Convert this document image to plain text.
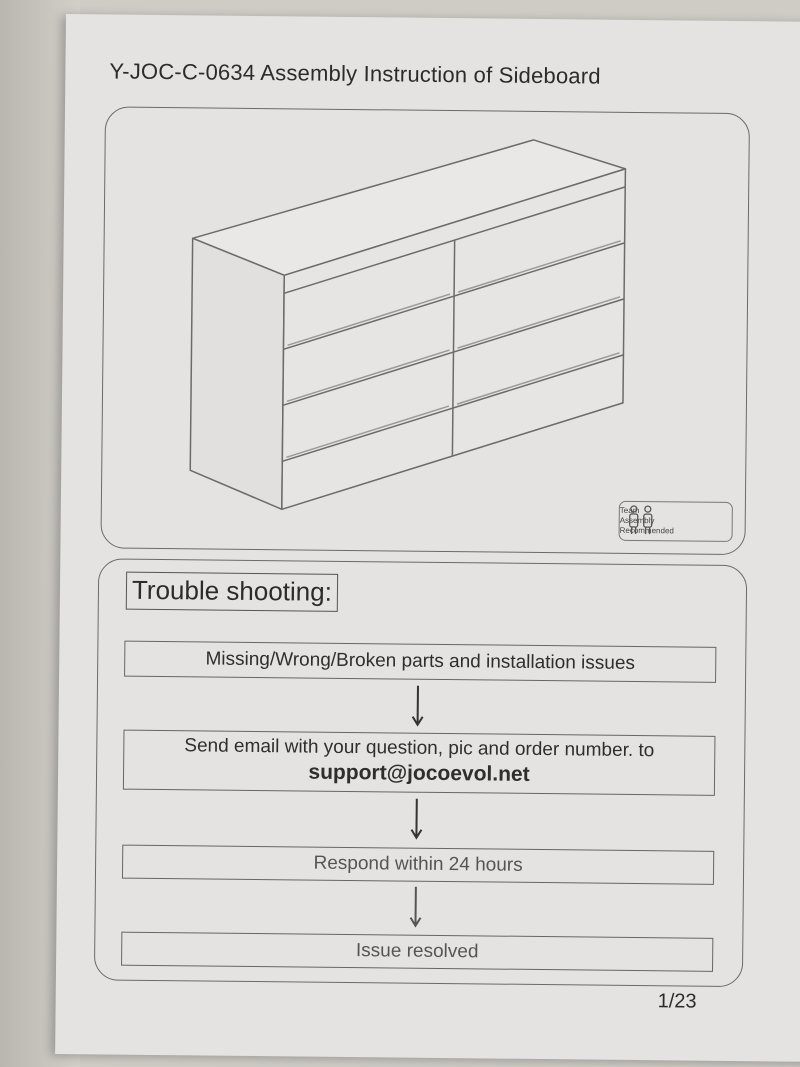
Y-JOC-C-0634 Assembly Instruction of Sideboard
Team
Assembly
Recommended
Trouble shooting:
Missing/Wrong/Broken parts and installation issues
Send email with your question, pic and order number. to
support@jocoevol.net
Respond within 24 hours
Issue resolved
1/23
